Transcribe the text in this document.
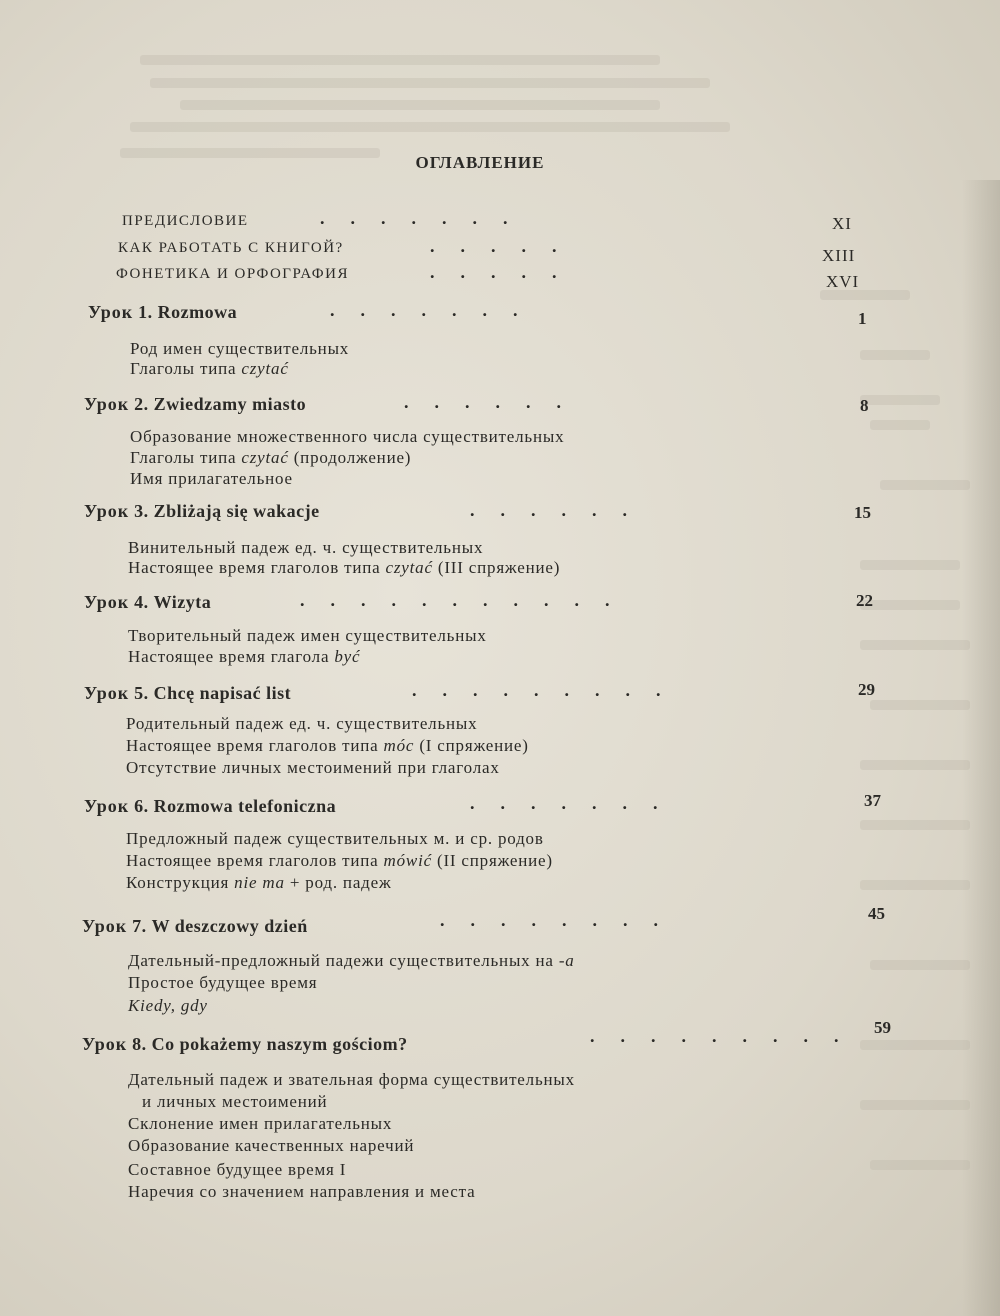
ОГЛАВЛЕНИЕ
ПРЕДИСЛОВИЕ	.......	XI
КАК РАБОТАТЬ С КНИГОЙ?	.....	XIII
ФОНЕТИКА И ОРФОГРАФИЯ	.....	XVI
Урок 1. Rozmowa	.......	1
Род имен существительных
Глаголы типа czytać
Урок 2. Zwiedzamy miasto	......	8
Образование множественного числа существительных
Глаголы типа czytać (продолжение)
Имя прилагательное
Урок 3. Zbliżają się wakacje	......	15
Винительный падеж ед. ч. существительных
Настоящее время глаголов типа czytać (III спряжение)
Урок 4. Wizyta	...........	22
Творительный падеж имен существительных
Настоящее время глагола być
Урок 5. Chcę napisać list	.........	29
Родительный падеж ед. ч. существительных
Настоящее время глаголов типа móc (I спряжение)
Отсутствие личных местоимений при глаголах
Урок 6. Rozmowa telefoniczna	.......	37
Предложный падеж существительных м. и ср. родов
Настоящее время глаголов типа mówić (II спряжение)
Конструкция nie ma + род. падеж
Урок 7. W deszczowy dzień	........	45
Дательный-предложный падежи существительных на -a
Простое будущее время
Kiedy, gdy
Урок 8. Co pokażemy naszym gościom?	......... 59
Дательный падеж и звательная форма существительных
и личных местоимений
Склонение имен прилагательных
Образование качественных наречий
Составное будущее время I
Наречия со значением направления и места
